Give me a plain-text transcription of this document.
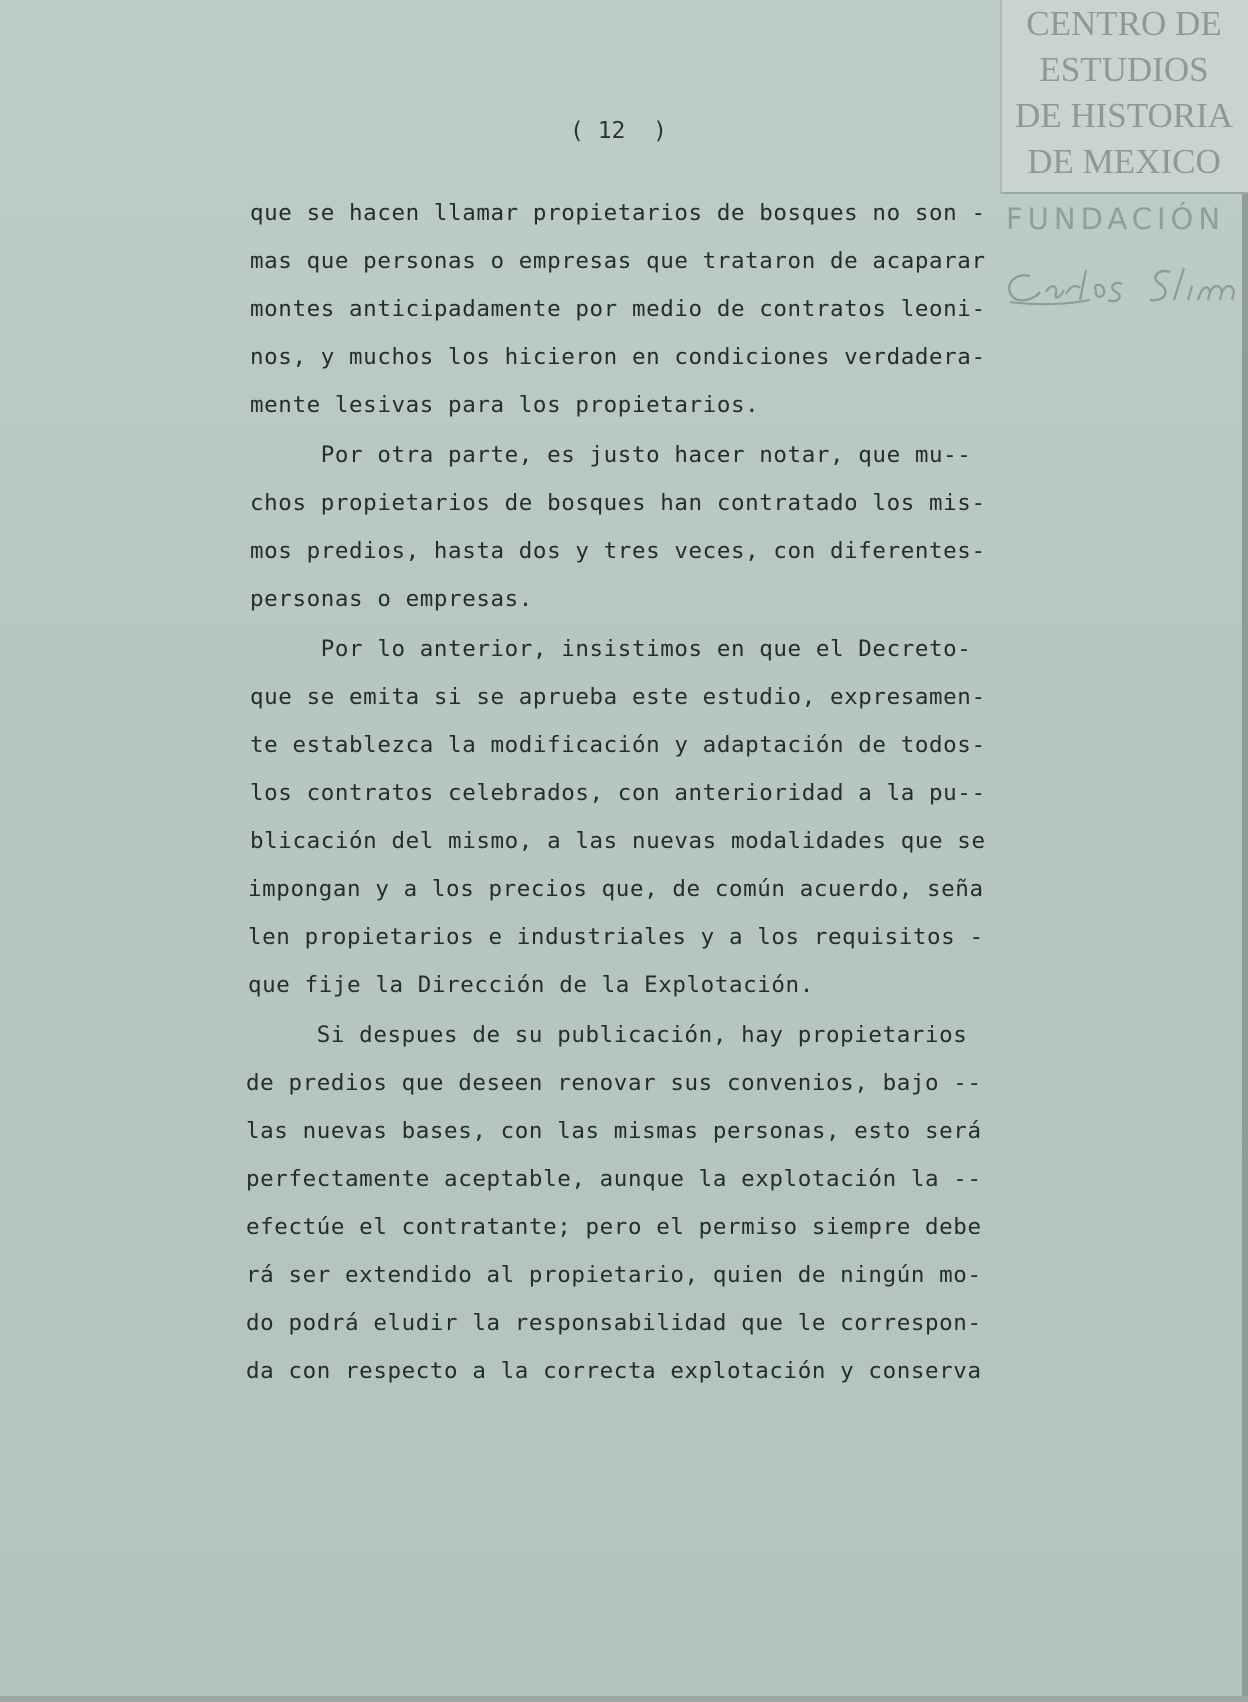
CENTRO DE
ESTUDIOS
DE HISTORIA
DE MEXICO
FUNDACIÓN
( 12  )
que se hacen llamar propietarios de bosques no son -
mas que personas o empresas que trataron de acaparar
montes anticipadamente por medio de contratos leoni-
nos, y muchos los hicieron en condiciones verdadera-
mente lesivas para los propietarios.
Por otra parte, es justo hacer notar, que mu--
chos propietarios de bosques han contratado los mis-
mos predios, hasta dos y tres veces, con diferentes-
personas o empresas.
Por lo anterior, insistimos en que el Decreto-
que se emita si se aprueba este estudio, expresamen-
te establezca la modificación y adaptación de todos-
los contratos celebrados, con anterioridad a la pu--
blicación del mismo, a las nuevas modalidades que se
impongan y a los precios que, de común acuerdo, seña
len propietarios e industriales y a los requisitos -
que fije la Dirección de la Explotación.
Si despues de su publicación, hay propietarios
de predios que deseen renovar sus convenios, bajo --
las nuevas bases, con las mismas personas, esto será
perfectamente aceptable, aunque la explotación la --
efectúe el contratante; pero el permiso siempre debe
rá ser extendido al propietario, quien de ningún mo-
do podrá eludir la responsabilidad que le correspon-
da con respecto a la correcta explotación y conserva
